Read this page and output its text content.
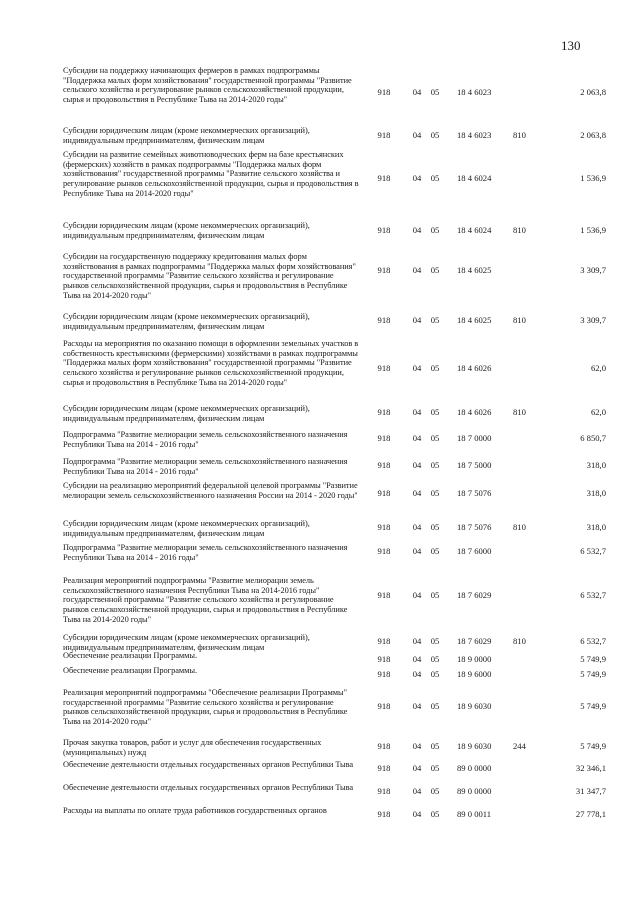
130
Субсидии на поддержку начинающих фермеров в рамках подпрограммы "Поддержка малых форм хозяйствования" государственной программы "Развитие сельского хозяйства и регулирование рынков сельскохозяйственной продукции, сырья и продовольствия в Республике Тыва на 2014-2020 годы"
918	04	05	18 4 6023	2 063,8
Субсидии юридическим лицам (кроме некоммерческих организаций), индивидуальным предпринимателям, физическим лицам
918	04	05	18 4 6023	810	2 063,8
Субсидии на развитие семейных животноводческих ферм на базе крестьянских (фермерских) хозяйств в рамках подпрограммы "Поддержка малых форм хозяйствования" государственной программы "Развитие сельского хозяйства и регулирование рынков сельскохозяйственной продукции, сырья и продовольствия в Республике Тыва на 2014-2020 годы"
918	04	05	18 4 6024	1 536,9
Субсидии юридическим лицам (кроме некоммерческих организаций), индивидуальным предпринимателям, физическим лицам
918	04	05	18 4 6024	810	1 536,9
Субсидии на государственную поддержку кредитования малых форм хозяйствования в рамках подпрограммы "Поддержка малых форм хозяйствования" государственной программы "Развитие сельского хозяйства и регулирование рынков сельскохозяйственной продукции, сырья и продовольствия в Республике Тыва на 2014-2020 годы"
918	04	05	18 4 6025	3 309,7
Субсидии юридическим лицам (кроме некоммерческих организаций), индивидуальным предпринимателям, физическим лицам
918	04	05	18 4 6025	810	3 309,7
Расходы на мероприятия по оказанию помощи в оформлении земельных участков в собственность крестьянскими (фермерскими) хозяйствами в рамках подпрограммы "Поддержка малых форм хозяйствования" государственной программы "Развитие сельского хозяйства и регулирование рынков сельскохозяйственной продукции, сырья и продовольствия в Республике Тыва на 2014-2020 годы"
918	04	05	18 4 6026	62,0
Субсидии юридическим лицам (кроме некоммерческих организаций), индивидуальным предпринимателям, физическим лицам
918	04	05	18 4 6026	810	62,0
Подпрограмма "Развитие мелиорации земель сельскохозяйственного назначения Республики Тыва на 2014 - 2016 годы"
918	04	05	18 7 0000	6 850,7
Подпрограмма "Развитие мелиорации земель сельскохозяйственного назначения Республики Тыва на 2014 - 2016 годы"
918	04	05	18 7 5000	318,0
Субсидии на реализацию мероприятий федеральной целевой программы "Развитие мелиорации земель сельскохозяйственного назначения России на 2014 - 2020 годы"	918	04	05	18 7 5076	318,0
Субсидии юридическим лицам (кроме некоммерческих организаций), индивидуальным предпринимателям, физическим лицам
918	04	05	18 7 5076	810	318,0
Подпрограмма "Развитие мелиорации земель сельскохозяйственного назначения Республики Тыва на 2014 - 2016 годы"
918	04	05	18 7 6000	6 532,7
Реализация мероприятий подпрограммы "Развитие мелиорации земель сельскохозяйственного назначения Республики Тыва на 2014-2016 годы" государственной программы "Развитие сельского хозяйства и регулирование рынков сельскохозяйственной продукции, сырья и продовольствия в Республике Тыва на 2014-2020 годы"
918	04	05	18 7 6029	6 532,7
Субсидии юридическим лицам (кроме некоммерческих организаций), индивидуальным предпринимателям, физическим лицам
918	04	05	18 7 6029	810	6 532,7
Обеспечение реализации Программы.	918	04	05	18 9 0000	5 749,9
Обеспечение реализации Программы.	918	04	05	18 9 6000	5 749,9
Реализация мероприятий подпрограммы "Обеспечение реализации Программы" государственной программы "Развитие сельского хозяйства и регулирование рынков сельскохозяйственной продукции, сырья и продовольствия в Республике Тыва на 2014-2020 годы"
918	04	05	18 9 6030	5 749,9
Прочая закупка товаров, работ и услуг для обеспечения государственных (муниципальных) нужд
918	04	05	18 9 6030	244	5 749,9
Обеспечение деятельности отдельных государственных органов Республики Тыва	918	04	05	89 0 0000	32 346,1
Обеспечение деятельности отдельных государственных органов Республики Тыва	918	04	05	89 0 0000	31 347,7
Расходы на выплаты по оплате труда работников государственных органов	918	04	05	89 0 0011	27 778,1
